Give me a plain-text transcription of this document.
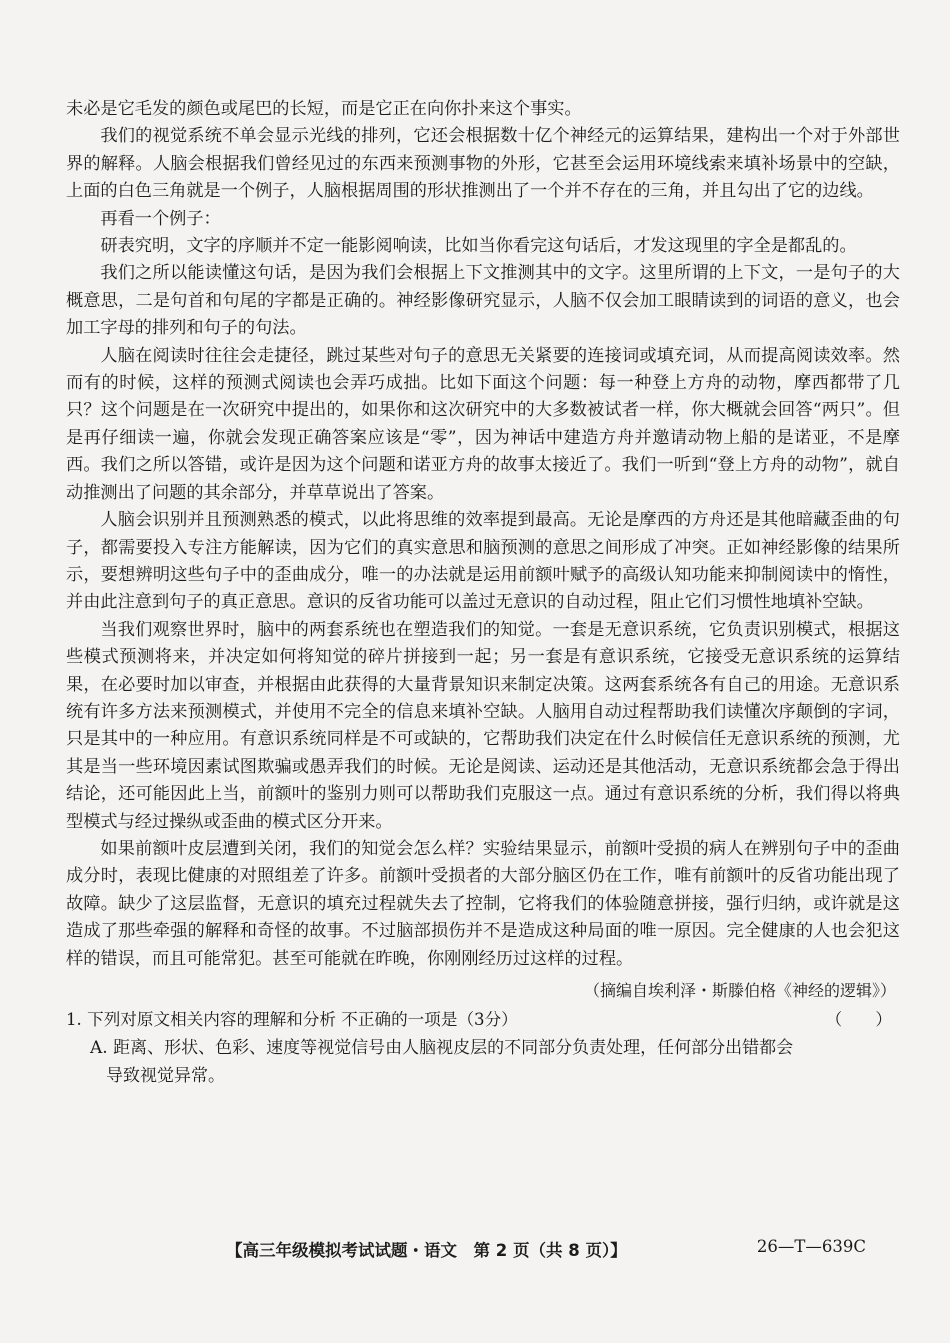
未必是它毛发的颜色或尾巴的长短，而是它正在向你扑来这个事实。

我们的视觉系统不单会显示光线的排列，它还会根据数十亿个神经元的运算结果，建构出一个对于外部世界的解释。人脑会根据我们曾经见过的东西来预测事物的外形，它甚至会运用环境线索来填补场景中的空缺，上面的白色三角就是一个例子，人脑根据周围的形状推测出了一个并不存在的三角，并且勾出了它的边线。

再看一个例子：

研表究明，文字的序顺并不定一能影阅响读，比如当你看完这句话后，才发这现里的字全是都乱的。

我们之所以能读懂这句话，是因为我们会根据上下文推测其中的文字。这里所谓的上下文，一是句子的大概意思，二是句首和句尾的字都是正确的。神经影像研究显示，人脑不仅会加工眼睛读到的词语的意义，也会加工字母的排列和句子的句法。

人脑在阅读时往往会走捷径，跳过某些对句子的意思无关紧要的连接词或填充词，从而提高阅读效率。然而有的时候，这样的预测式阅读也会弄巧成拙。比如下面这个问题：每一种登上方舟的动物，摩西都带了几只？这个问题是在一次研究中提出的，如果你和这次研究中的大多数被试者一样，你大概就会回答“两只”。但是再仔细读一遍，你就会发现正确答案应该是“零”，因为神话中建造方舟并邀请动物上船的是诺亚，不是摩西。我们之所以答错，或许是因为这个问题和诺亚方舟的故事太接近了。我们一听到“登上方舟的动物”，就自动推测出了问题的其余部分，并草草说出了答案。

人脑会识别并且预测熟悉的模式，以此将思维的效率提到最高。无论是摩西的方舟还是其他暗藏歪曲的句子，都需要投入专注方能解读，因为它们的真实意思和脑预测的意思之间形成了冲突。正如神经影像的结果所示，要想辨明这些句子中的歪曲成分，唯一的办法就是运用前额叶赋予的高级认知功能来抑制阅读中的惰性，并由此注意到句子的真正意思。意识的反省功能可以盖过无意识的自动过程，阻止它们习惯性地填补空缺。

当我们观察世界时，脑中的两套系统也在塑造我们的知觉。一套是无意识系统，它负责识别模式，根据这些模式预测将来，并决定如何将知觉的碎片拼接到一起；另一套是有意识系统，它接受无意识系统的运算结果，在必要时加以审查，并根据由此获得的大量背景知识来制定决策。这两套系统各有自己的用途。无意识系统有许多方法来预测模式，并使用不完全的信息来填补空缺。人脑用自动过程帮助我们读懂次序颠倒的字词，只是其中的一种应用。有意识系统同样是不可或缺的，它帮助我们决定在什么时候信任无意识系统的预测，尤其是当一些环境因素试图欺骗或愚弄我们的时候。无论是阅读、运动还是其他活动，无意识系统都会急于得出结论，还可能因此上当，前额叶的鉴别力则可以帮助我们克服这一点。通过有意识系统的分析，我们得以将典型模式与经过操纵或歪曲的模式区分开来。

如果前额叶皮层遭到关闭，我们的知觉会怎么样？实验结果显示，前额叶受损的病人在辨别句子中的歪曲成分时，表现比健康的对照组差了许多。前额叶受损者的大部分脑区仍在工作，唯有前额叶的反省功能出现了故障。缺少了这层监督，无意识的填充过程就失去了控制，它将我们的体验随意拼接，强行归纳，或许就是这造成了那些牵强的解释和奇怪的故事。不过脑部损伤并不是造成这种局面的唯一原因。完全健康的人也会犯这样的错误，而且可能常犯。甚至可能就在昨晚，你刚刚经历过这样的过程。

（摘编自埃利泽・斯滕伯格《神经的逻辑》）

1. 下列对原文相关内容的理解和分析 不正确的一项是（3分）	（　　）

A. 距离、形状、色彩、速度等视觉信号由人脑视皮层的不同部分负责处理，任何部分出错都会
导致视觉异常。

【高三年级模拟考试试题・语文　第 2 页（共 8 页）】	26—T—639C
